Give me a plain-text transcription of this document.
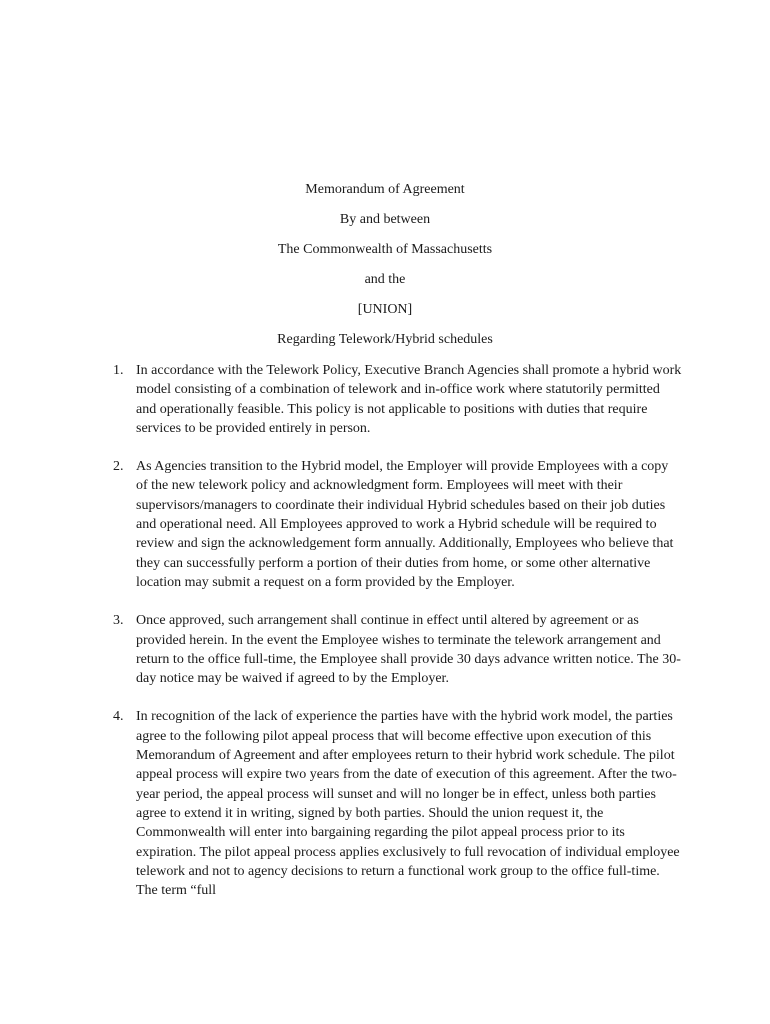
Memorandum of Agreement
By and between
The Commonwealth of Massachusetts
and the
[UNION]
Regarding Telework/Hybrid schedules
1. In accordance with the Telework Policy, Executive Branch Agencies shall promote a hybrid work model consisting of a combination of telework and in-office work where statutorily permitted and operationally feasible. This policy is not applicable to positions with duties that require services to be provided entirely in person.
2. As Agencies transition to the Hybrid model, the Employer will provide Employees with a copy of the new telework policy and acknowledgment form. Employees will meet with their supervisors/managers to coordinate their individual Hybrid schedules based on their job duties and operational need. All Employees approved to work a Hybrid schedule will be required to review and sign the acknowledgement form annually. Additionally, Employees who believe that they can successfully perform a portion of their duties from home, or some other alternative location may submit a request on a form provided by the Employer.
3. Once approved, such arrangement shall continue in effect until altered by agreement or as provided herein. In the event the Employee wishes to terminate the telework arrangement and return to the office full-time, the Employee shall provide 30 days advance written notice. The 30-day notice may be waived if agreed to by the Employer.
4. In recognition of the lack of experience the parties have with the hybrid work model, the parties agree to the following pilot appeal process that will become effective upon execution of this Memorandum of Agreement and after employees return to their hybrid work schedule. The pilot appeal process will expire two years from the date of execution of this agreement. After the two-year period, the appeal process will sunset and will no longer be in effect, unless both parties agree to extend it in writing, signed by both parties. Should the union request it, the Commonwealth will enter into bargaining regarding the pilot appeal process prior to its expiration. The pilot appeal process applies exclusively to full revocation of individual employee telework and not to agency decisions to return a functional work group to the office full-time. The term “full
